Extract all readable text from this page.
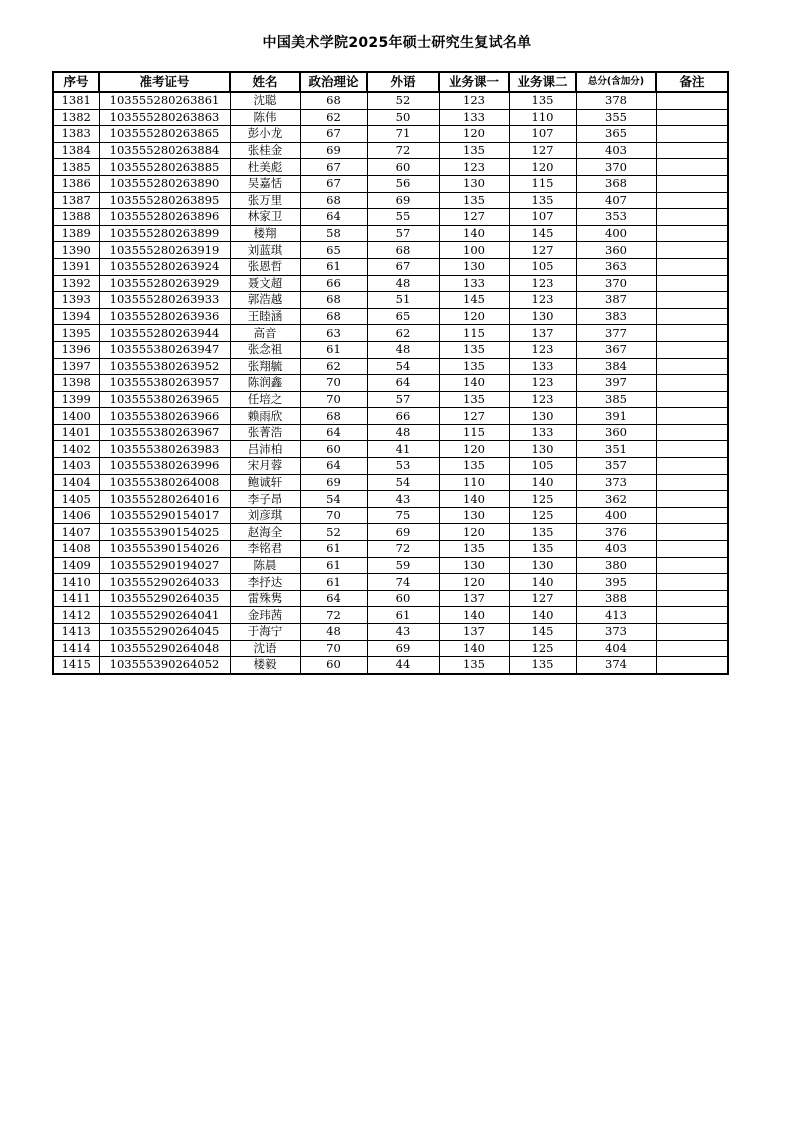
中国美术学院2025年硕士研究生复试名单
序号	准考证号	姓名	政治理论	外语	业务课一	业务课二	总分(含加分)	备注
1381	103555280263861	沈聪	68	52	123	135	378	
1382	103555280263863	陈伟	62	50	133	110	355	
1383	103555280263865	彭小龙	67	71	120	107	365	
1384	103555280263884	张桂金	69	72	135	127	403	
1385	103555280263885	杜美彪	67	60	123	120	370	
1386	103555280263890	吴嘉恬	67	56	130	115	368	
1387	103555280263895	张万里	68	69	135	135	407	
1388	103555280263896	林家卫	64	55	127	107	353	
1389	103555280263899	楼翔	58	57	140	145	400	
1390	103555280263919	刘蓝琪	65	68	100	127	360	
1391	103555280263924	张恩哲	61	67	130	105	363	
1392	103555280263929	聂文超	66	48	133	123	370	
1393	103555280263933	郭浩越	68	51	145	123	387	
1394	103555280263936	王睦涵	68	65	120	130	383	
1395	103555280263944	高音	63	62	115	137	377	
1396	103555380263947	张念祖	61	48	135	123	367	
1397	103555380263952	张翔毓	62	54	135	133	384	
1398	103555380263957	陈润鑫	70	64	140	123	397	
1399	103555380263965	任培之	70	57	135	123	385	
1400	103555380263966	赖雨欣	68	66	127	130	391	
1401	103555380263967	张菁浩	64	48	115	133	360	
1402	103555380263983	吕沛柏	60	41	120	130	351	
1403	103555380263996	宋月蓉	64	53	135	105	357	
1404	103555380264008	鲍诚轩	69	54	110	140	373	
1405	103555280264016	李子昂	54	43	140	125	362	
1406	103555290154017	刘彦琪	70	75	130	125	400	
1407	103555390154025	赵海全	52	69	120	135	376	
1408	103555390154026	李铭君	61	72	135	135	403	
1409	103555290194027	陈晨	61	59	130	130	380	
1410	103555290264033	李抒达	61	74	120	140	395	
1411	103555290264035	雷殊隽	64	60	137	127	388	
1412	103555290264041	金玮茜	72	61	140	140	413	
1413	103555290264045	于海宁	48	43	137	145	373	
1414	103555290264048	沈语	70	69	140	125	404	
1415	103555390264052	楼毅	60	44	135	135	374	
